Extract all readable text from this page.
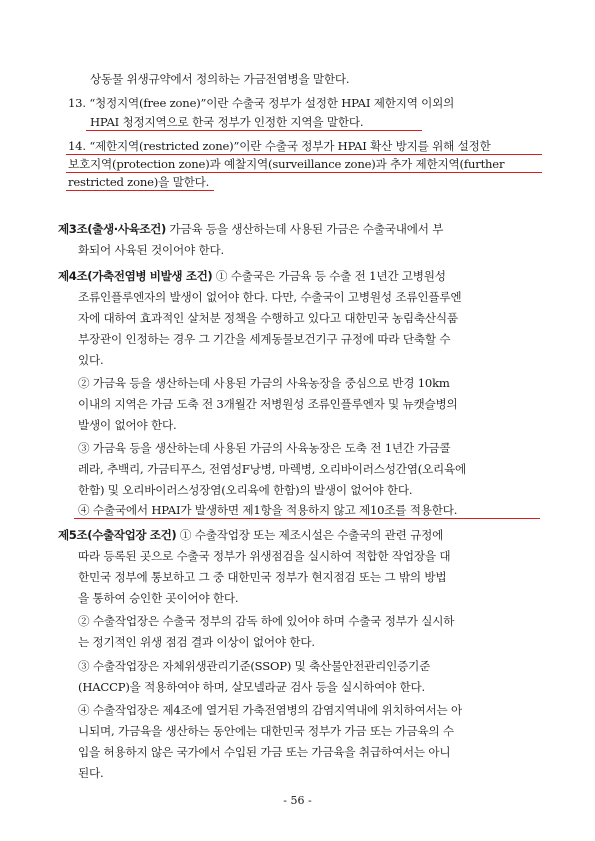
상동물 위생규약에서 정의하는 가금전염병을 말한다.
13. “청정지역(free zone)”이란 수출국 정부가 설정한 HPAI 제한지역 이외의
HPAI 청정지역으로 한국 정부가 인정한 지역을 말한다.
14. “제한지역(restricted zone)”이란 수출국 정부가 HPAI 확산 방지를 위해 설정한
보호지역(protection zone)과 예찰지역(surveillance zone)과 추가 제한지역(further
restricted zone)을 말한다.
제3조(출생·사육조건) 가금육 등을 생산하는데 사용된 가금은 수출국내에서 부
화되어 사육된 것이어야 한다.
제4조(가축전염병 비발생 조건) ① 수출국은 가금육 등 수출 전 1년간 고병원성
조류인플루엔자의 발생이 없어야 한다. 다만, 수출국이 고병원성 조류인플루엔
자에 대하여 효과적인 살처분 정책을 수행하고 있다고 대한민국 농림축산식품
부장관이 인정하는 경우 그 기간을 세계동물보건기구 규정에 따라 단축할 수
있다.
② 가금육 등을 생산하는데 사용된 가금의 사육농장을 중심으로 반경 10km
이내의 지역은 가금 도축 전 3개월간 저병원성 조류인플루엔자 및 뉴캣슬병의
발생이 없어야 한다.
③ 가금육 등을 생산하는데 사용된 가금의 사육농장은 도축 전 1년간 가금콜
레라, 추백리, 가금티푸스, 전염성F낭병, 마렉병, 오리바이러스성간염(오리육에
한함) 및 오리바이러스성장염(오리육에 한함)의 발생이 없어야 한다.
④ 수출국에서 HPAI가 발생하면 제1항을 적용하지 않고 제10조를 적용한다.
제5조(수출작업장 조건) ① 수출작업장 또는 제조시설은 수출국의 관련 규정에
따라 등록된 곳으로 수출국 정부가 위생점검을 실시하여 적합한 작업장을 대
한민국 정부에 통보하고 그 중 대한민국 정부가 현지점검 또는 그 밖의 방법
을 통하여 승인한 곳이어야 한다.
② 수출작업장은 수출국 정부의 감독 하에 있어야 하며 수출국 정부가 실시하
는 정기적인 위생 점검 결과 이상이 없어야 한다.
③ 수출작업장은 자체위생관리기준(SSOP) 및 축산물안전관리인증기준
(HACCP)을 적용하여야 하며, 살모넬라균 검사 등을 실시하여야 한다.
④ 수출작업장은 제4조에 열거된 가축전염병의 감염지역내에 위치하여서는 아
니되며, 가금육을 생산하는 동안에는 대한민국 정부가 가금 또는 가금육의 수
입을 허용하지 않은 국가에서 수입된 가금 또는 가금육을 취급하여서는 아니
된다.
- 56 -
